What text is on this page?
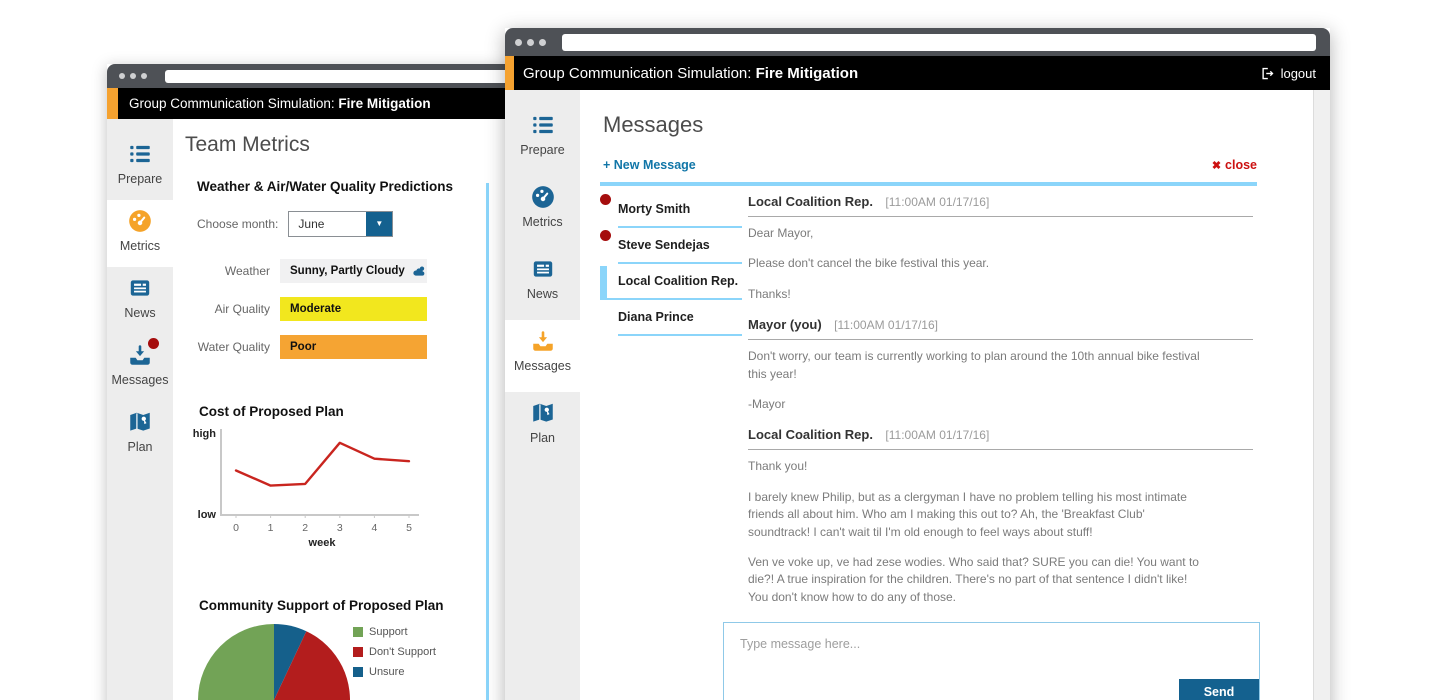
Group Communication Simulation: Fire Mitigation
Prepare
Metrics
News
Messages
Plan
Team Metrics
Weather & Air/Water Quality Predictions
Choose month:	June	▼
Weather Sunny, Partly Cloudy
Air Quality	Moderate
Water Quality	Poor
Cost of Proposed Plan
high
low
0	1	2	3	4	5
week
Community Support of Proposed Plan
Support
Don't Support
Unsure
Group Communication Simulation: Fire Mitigation	logout
Prepare
Metrics
News
Messages
Plan
Messages
+ New Message	✖ close
Morty Smith
Steve Sendejas
Local Coalition Rep.
Diana Prince
Local Coalition Rep. [11:00AM 01/17/16]

Dear Mayor,

Please don't cancel the bike festival this year.

Thanks!

Mayor (you) [11:00AM 01/17/16]

Don't worry, our team is currently working to plan around the 10th annual bike festival this year!

-Mayor

Local Coalition Rep. [11:00AM 01/17/16]

Thank you!

I barely knew Philip, but as a clergyman I have no problem telling his most intimate friends all about him. Who am I making this out to? Ah, the 'Breakfast Club' soundtrack! I can't wait til I'm old enough to feel ways about stuff!

Ven ve voke up, ve had zese wodies. Who said that? SURE you can die! You want to die?! A true inspiration for the children. There's no part of that sentence I didn't like! You don't know how to do any of those.

Type message here...
Send
